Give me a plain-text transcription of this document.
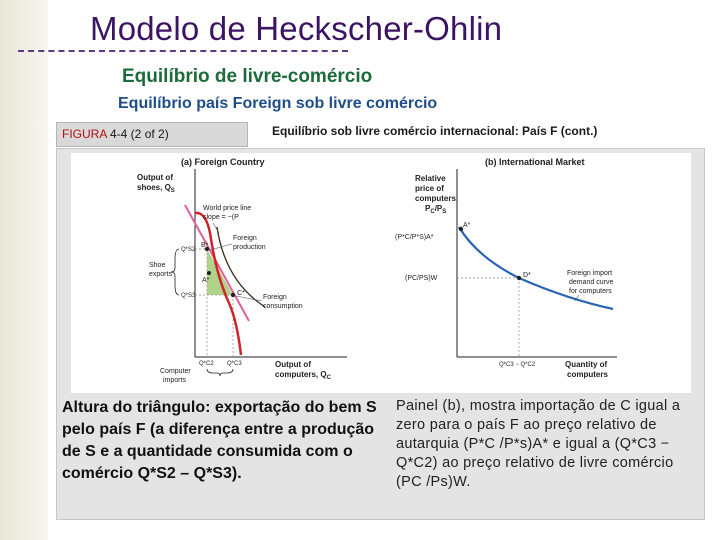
Modelo de Heckscher-Ohlin
Equilíbrio de livre-comércio
Equilíbrio país Foreign sob livre comércio
FIGURA 4-4 (2 of 2)	Equilíbrio sob livre comércio internacional: País F (cont.)
(a) Foreign Country
Output of
shoes, $Q_S$
Output of
computers, $Q_C$
B*
C*
A*
World price line
slope = −(P
Foreign
production
Foreign
consumption
Shoe
exports
Q*S2
Q*S3
Q*C2 Q*C3
Computer
imports
(b) International Market
Relative
price of
computers,
$P_C/P_S$
A*
D*
(P*C/P*S)A*
(PC/PS)W
Foreign import
demand curve
for computers
Quantity of
computers
Q*C3 − Q*C2
Altura do triângulo: exportação do bem S pelo país F (a diferença entre a produção de S e a quantidade consumida com o comércio Q*S2 – Q*S3).
Painel (b), mostra importação de C igual a zero para o país F ao preço relativo de autarquia (P*C /P*s)A* e igual a (Q*C3 − Q*C2) ao preço relativo de livre comércio (PC /Ps)W.
